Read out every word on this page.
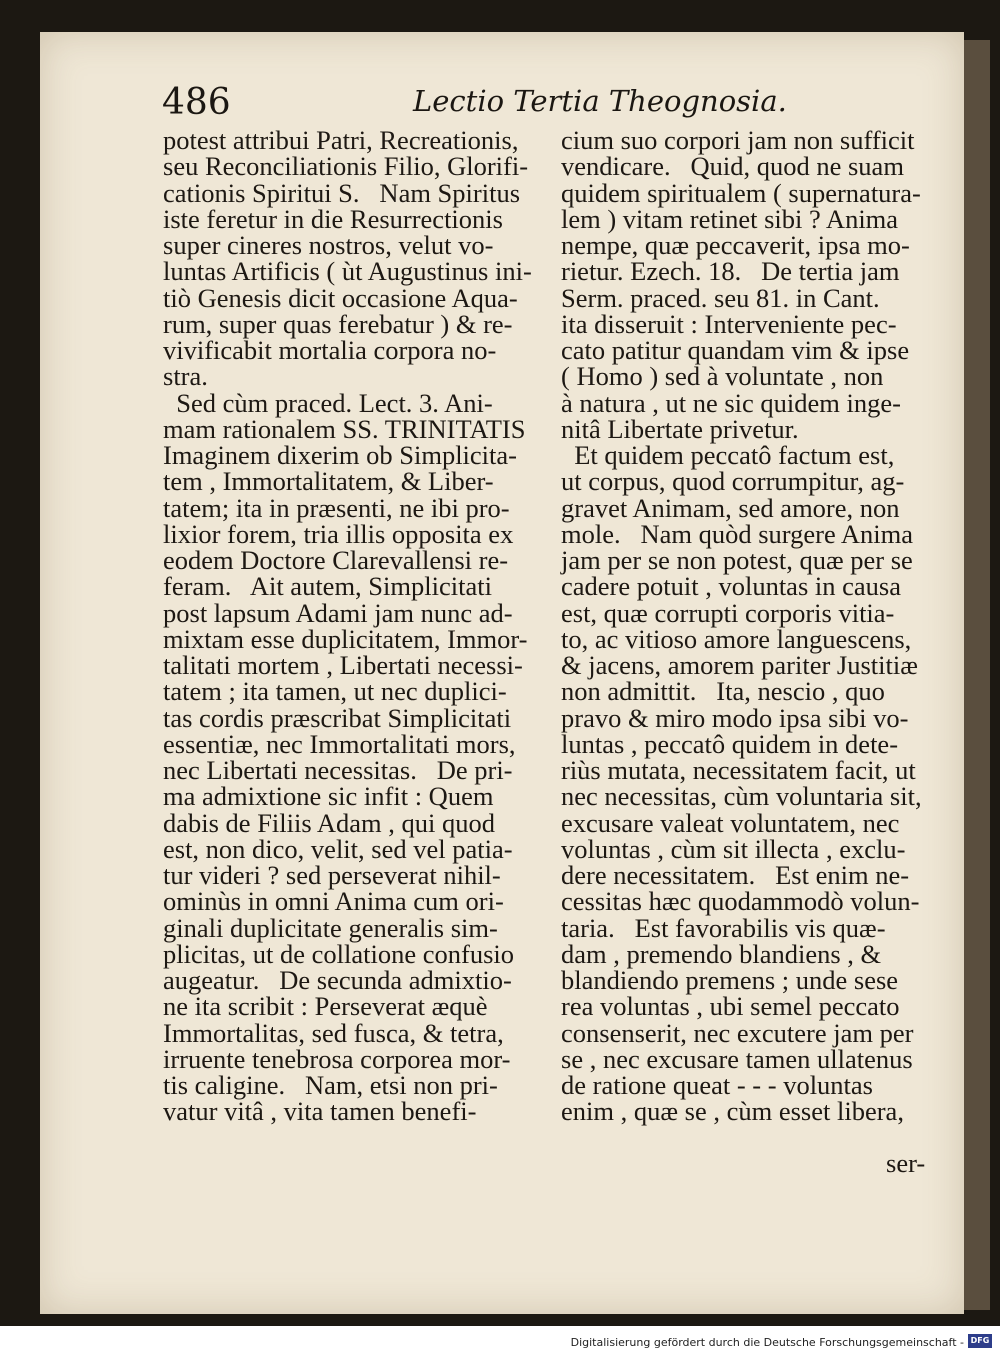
486	Lectio Tertia Theognosia.
potest attribui Patri, Recreationis,
seu Reconciliationis Filio, Glorifi-
cationis Spiritui S.   Nam Spiritus
iste feretur in die Resurrectionis
super cineres nostros, velut vo-
luntas Artificis ( ùt Augustinus ini-
tiò Genesis dicit occasione Aqua-
rum, super quas ferebatur ) & re-
vivificabit mortalia corpora no-
stra.
Sed cùm praced. Lect. 3. Ani-
mam rationalem SS. TRINITATIS
Imaginem dixerim ob Simplicita-
tem , Immortalitatem, & Liber-
tatem; ita in præsenti, ne ibi pro-
lixior forem, tria illis opposita ex
eodem Doctore Clarevallensi re-
feram.   Ait autem, Simplicitati
post lapsum Adami jam nunc ad-
mixtam esse duplicitatem, Immor-
talitati mortem , Libertati necessi-
tatem ; ita tamen, ut nec duplici-
tas cordis præscribat Simplicitati
essentiæ, nec Immortalitati mors,
nec Libertati necessitas.   De pri-
ma admixtione sic infit : Quem
dabis de Filiis Adam , qui quod
est, non dico, velit, sed vel patia-
tur videri ? sed perseverat nihil-
ominùs in omni Anima cum ori-
ginali duplicitate generalis sim-
plicitas, ut de collatione confusio
augeatur.   De secunda admixtio-
ne ita scribit : Perseverat æquè
Immortalitas, sed fusca, & tetra,
irruente tenebrosa corporea mor-
tis caligine.   Nam, etsi non pri-
vatur vitâ , vita tamen benefi-
cium suo corpori jam non sufficit
vendicare.   Quid, quod ne suam
quidem spiritualem ( supernatura-
lem ) vitam retinet sibi ? Anima
nempe, quæ peccaverit, ipsa mo-
rietur. Ezech. 18.   De tertia jam
Serm. praced. seu 81. in Cant.
ita disseruit : Interveniente pec-
cato patitur quandam vim & ipse
( Homo ) sed à voluntate , non
à natura , ut ne sic quidem inge-
nitâ Libertate privetur.
Et quidem peccatô factum est,
ut corpus, quod corrumpitur, ag-
gravet Animam, sed amore, non
mole.   Nam quòd surgere Anima
jam per se non potest, quæ per se
cadere potuit , voluntas in causa
est, quæ corrupti corporis vitia-
to, ac vitioso amore languescens,
& jacens, amorem pariter Justitiæ
non admittit.   Ita, nescio , quo
pravo & miro modo ipsa sibi vo-
luntas , peccatô quidem in dete-
riùs mutata, necessitatem facit, ut
nec necessitas, cùm voluntaria sit,
excusare valeat voluntatem, nec
voluntas , cùm sit illecta , exclu-
dere necessitatem.   Est enim ne-
cessitas hæc quodammodò volun-
taria.   Est favorabilis vis quæ-
dam , premendo blandiens , &
blandiendo premens ; unde sese
rea voluntas , ubi semel peccato
consenserit, nec excutere jam per
se , nec excusare tamen ullatenus
de ratione queat - - - voluntas
enim , quæ se , cùm esset libera,
ser-
Digitalisierung gefördert durch die Deutsche Forschungsgemeinschaft - DFG
